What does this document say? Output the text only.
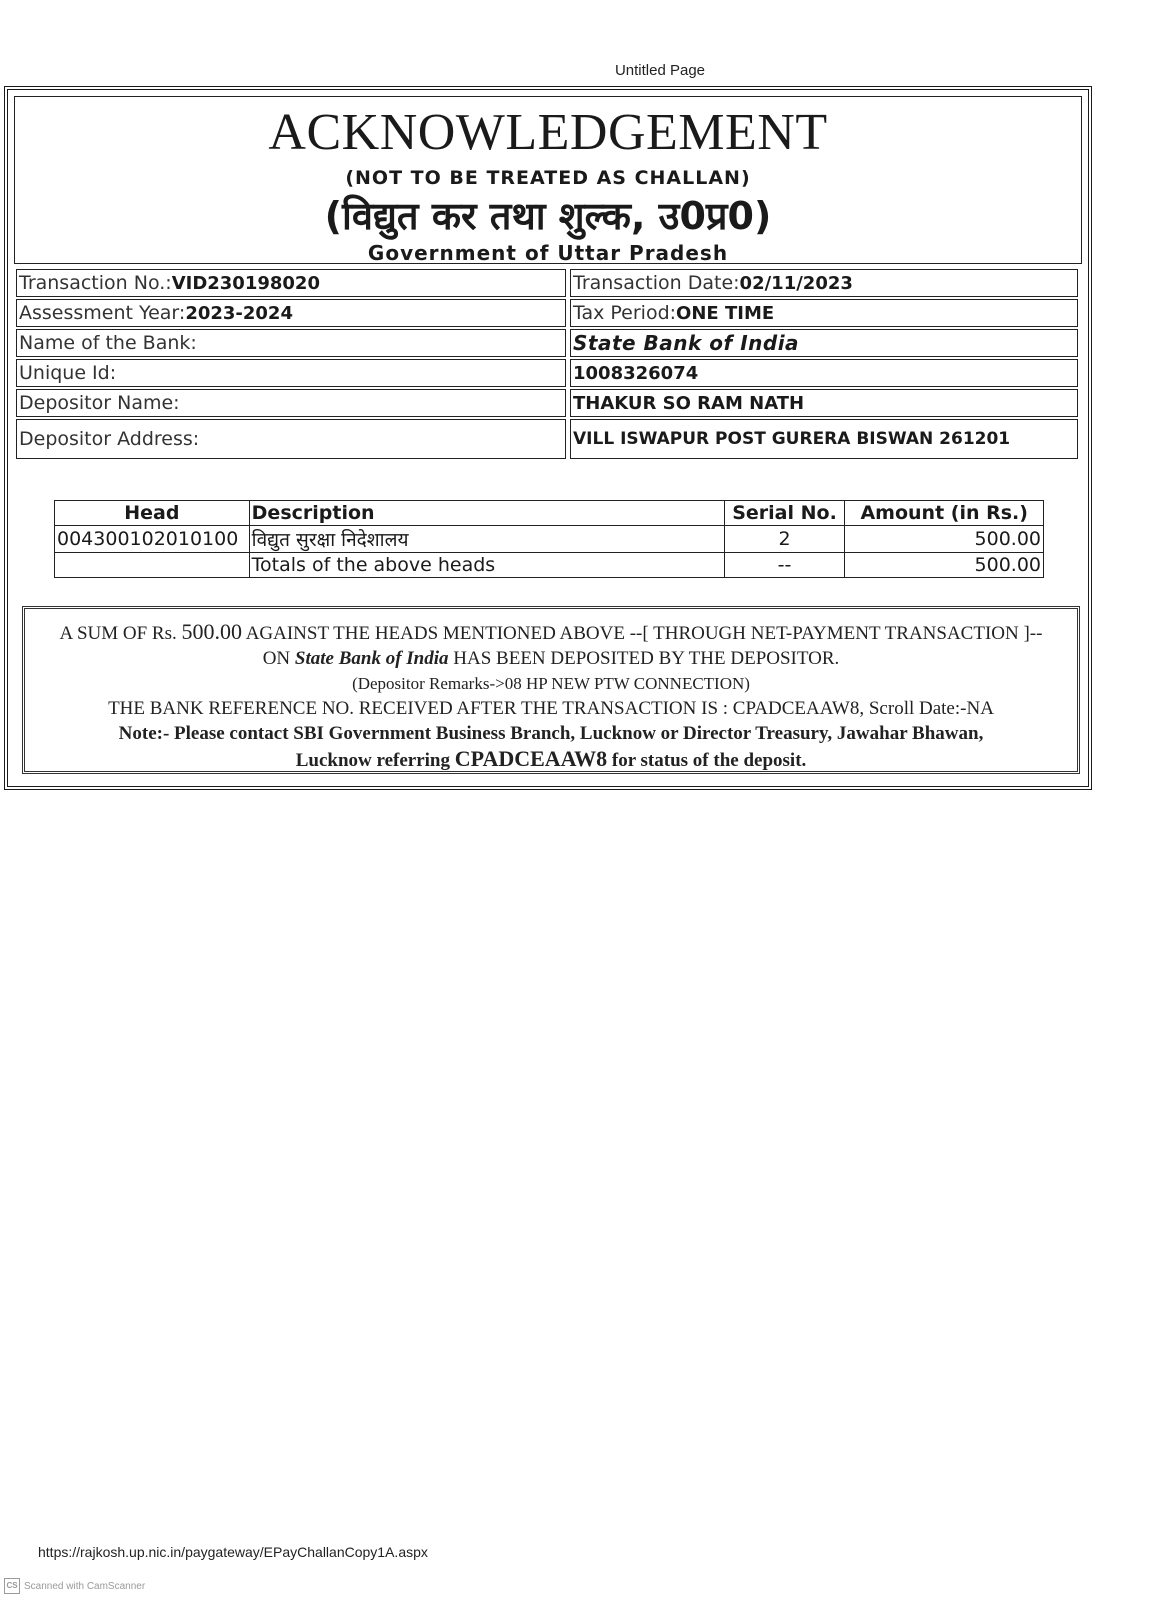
Untitled Page
ACKNOWLEDGEMENT
(NOT TO BE TREATED AS CHALLAN)
(विद्युत कर तथा शुल्क, उ0प्र0)
Government of Uttar Pradesh
Transaction No.: VID230198020	Transaction Date: 02/11/2023
Assessment Year: 2023-2024	Tax Period: ONE TIME
Name of the Bank:	State Bank of India
Unique Id:	1008326074
Depositor Name:	THAKUR SO RAM NATH
Depositor Address:	VILL ISWAPUR POST GURERA BISWAN 261201
Head	Description	Serial No.	Amount (in Rs.)
004300102010100	विद्युत सुरक्षा निदेशालय	2	500.00
	Totals of the above heads	--	500.00
A SUM OF Rs. 500.00 AGAINST THE HEADS MENTIONED ABOVE --[ THROUGH NET-PAYMENT TRANSACTION ]--
ON State Bank of India HAS BEEN DEPOSITED BY THE DEPOSITOR.
(Depositor Remarks->08 HP NEW PTW CONNECTION)
THE BANK REFERENCE NO. RECEIVED AFTER THE TRANSACTION IS : CPADCEAAW8, Scroll Date:-NA
Note:- Please contact SBI Government Business Branch, Lucknow or Director Treasury, Jawahar Bhawan,
Lucknow referring CPADCEAAW8 for status of the deposit.
https://rajkosh.up.nic.in/paygateway/EPayChallanCopy1A.aspx
CS Scanned with CamScanner
